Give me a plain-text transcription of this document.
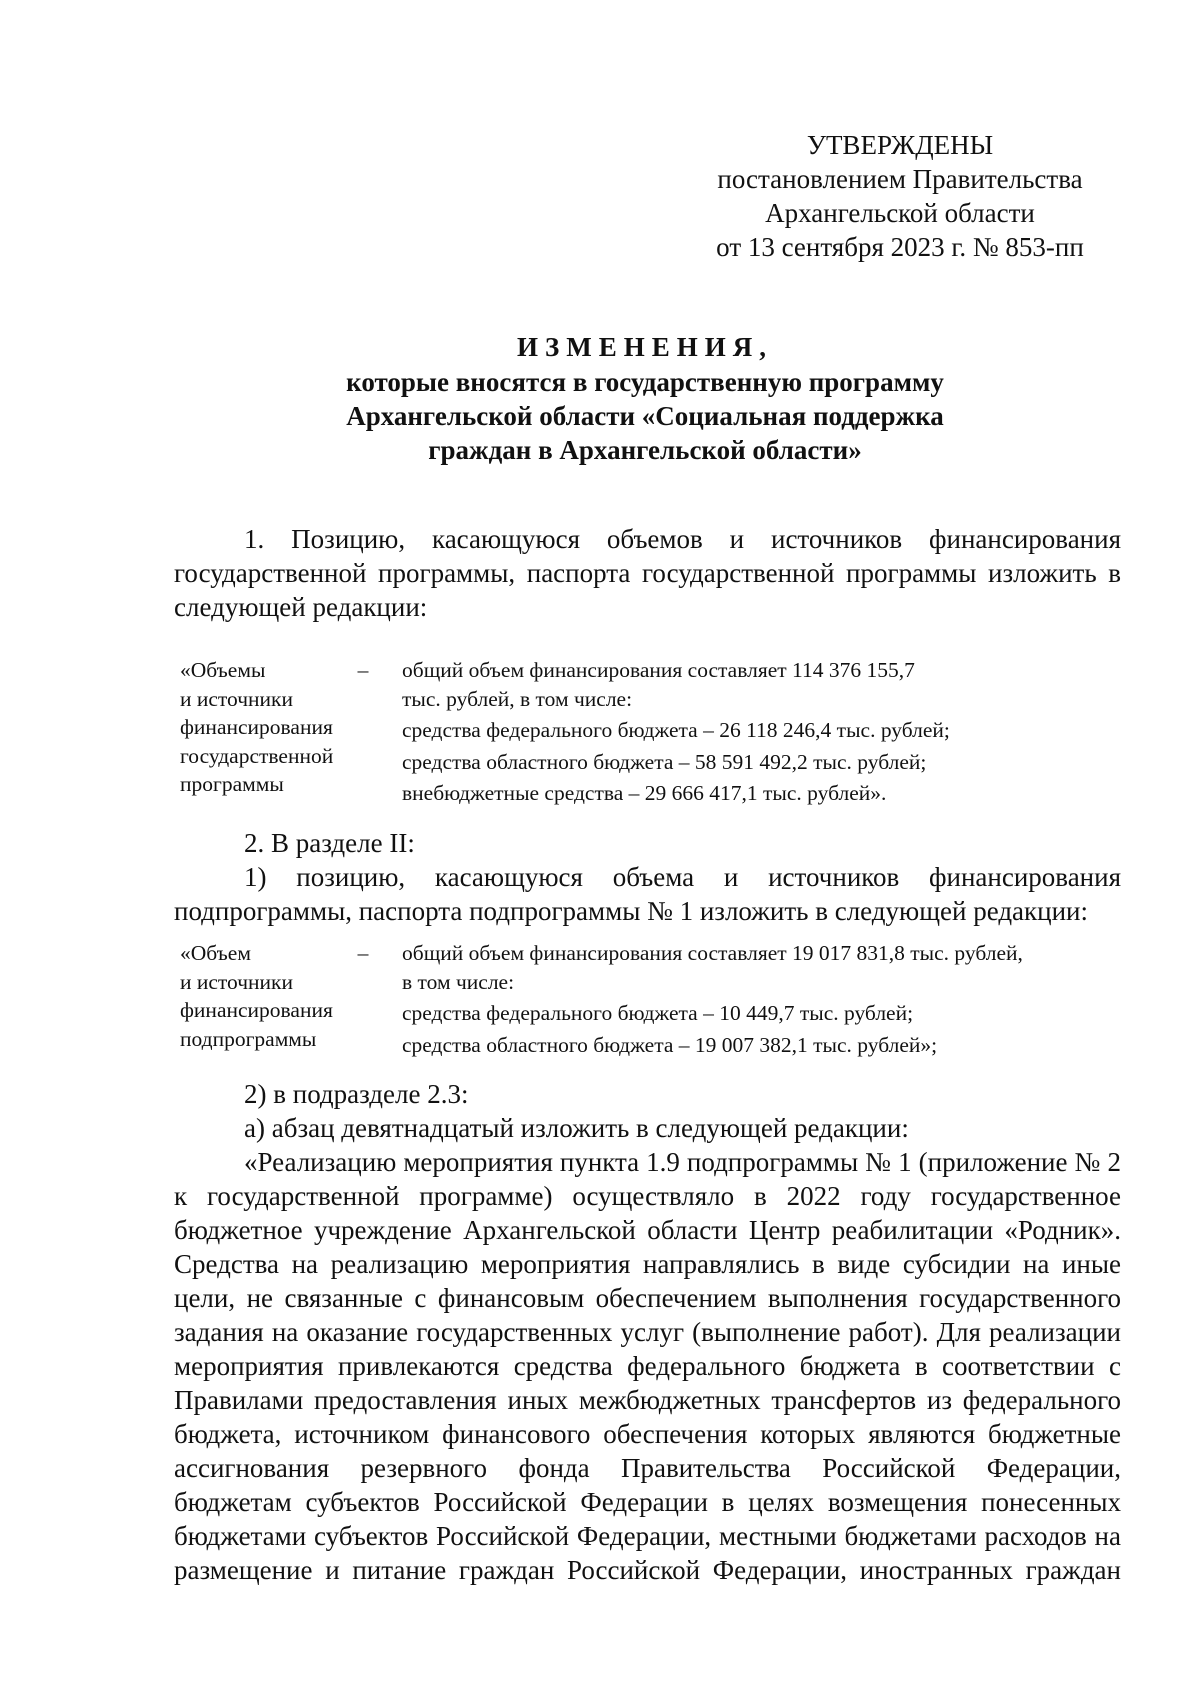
УТВЕРЖДЕНЫ
постановлением Правительства
Архангельской области
от 13 сентября 2023 г. № 853-пп
ИЗМЕНЕНИЯ,
которые вносятся в государственную программу
Архангельской области «Социальная поддержка
граждан в Архангельской области»

1. Позицию, касающуюся объемов и источников финансирования государственной программы, паспорта государственной программы изложить в следующей редакции:

«Объемы
и источники
финансирования
государственной
программы
–	общий объем финансирования составляет 114 376 155,7
тыс. рублей, в том числе:
средства федерального бюджета – 26 118 246,4 тыс. рублей;
средства областного бюджета – 58 591 492,2 тыс. рублей;
внебюджетные средства – 29 666 417,1 тыс. рублей».

2. В разделе II:

1) позицию, касающуюся объема и источников финансирования подпрограммы, паспорта подпрограммы № 1 изложить в следующей редакции:

«Объем
и источники
финансирования
подпрограммы
–	общий объем финансирования составляет 19 017 831,8 тыс. рублей,
в том числе:
средства федерального бюджета – 10 449,7 тыс. рублей;
средства областного бюджета – 19 007 382,1 тыс. рублей»;

2) в подразделе 2.3:

а) абзац девятнадцатый изложить в следующей редакции:

«Реализацию мероприятия пункта 1.9 подпрограммы № 1 (приложение № 2 к государственной программе) осуществляло в 2022 году государственное бюджетное учреждение Архангельской области Центр реабилитации «Родник». Средства на реализацию мероприятия направлялись в виде субсидии на иные цели, не связанные с финансовым обеспечением выполнения государственного задания на оказание государственных услуг (выполнение работ). Для реализации мероприятия привлекаются средства федерального бюджета в соответствии с Правилами предоставления иных межбюджетных трансфертов из федерального бюджета, источником финансового обеспечения которых являются бюджетные ассигнования резервного фонда Правительства Российской Федерации, бюджетам субъектов Российской Федерации в целях возмещения понесенных бюджетами субъектов Российской Федерации, местными бюджетами расходов на размещение и питание граждан Российской Федерации, иностранных граждан
